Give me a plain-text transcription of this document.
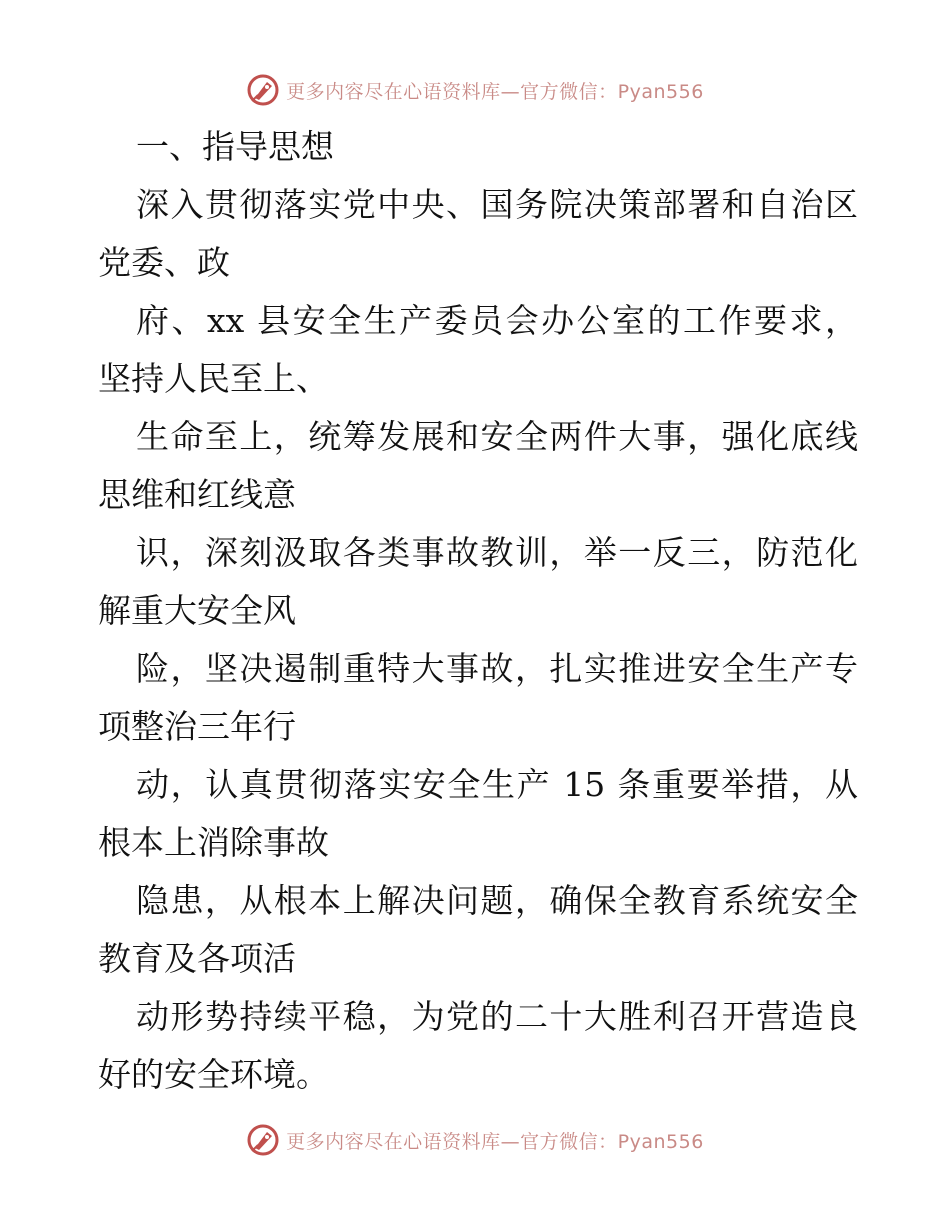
更多内容尽在心语资料库—官方微信：Pyan556
一、指导思想
深入贯彻落实党中央、国务院决策部署和自治区
党委、政
府、xx 县安全生产委员会办公室的工作要求，
坚持人民至上、
生命至上，统筹发展和安全两件大事，强化底线
思维和红线意
识，深刻汲取各类事故教训，举一反三，防范化
解重大安全风
险，坚决遏制重特大事故，扎实推进安全生产专
项整治三年行
动，认真贯彻落实安全生产 15 条重要举措，从
根本上消除事故
隐患，从根本上解决问题，确保全教育系统安全
教育及各项活
动形势持续平稳，为党的二十大胜利召开营造良
好的安全环境。
更多内容尽在心语资料库—官方微信：Pyan556
